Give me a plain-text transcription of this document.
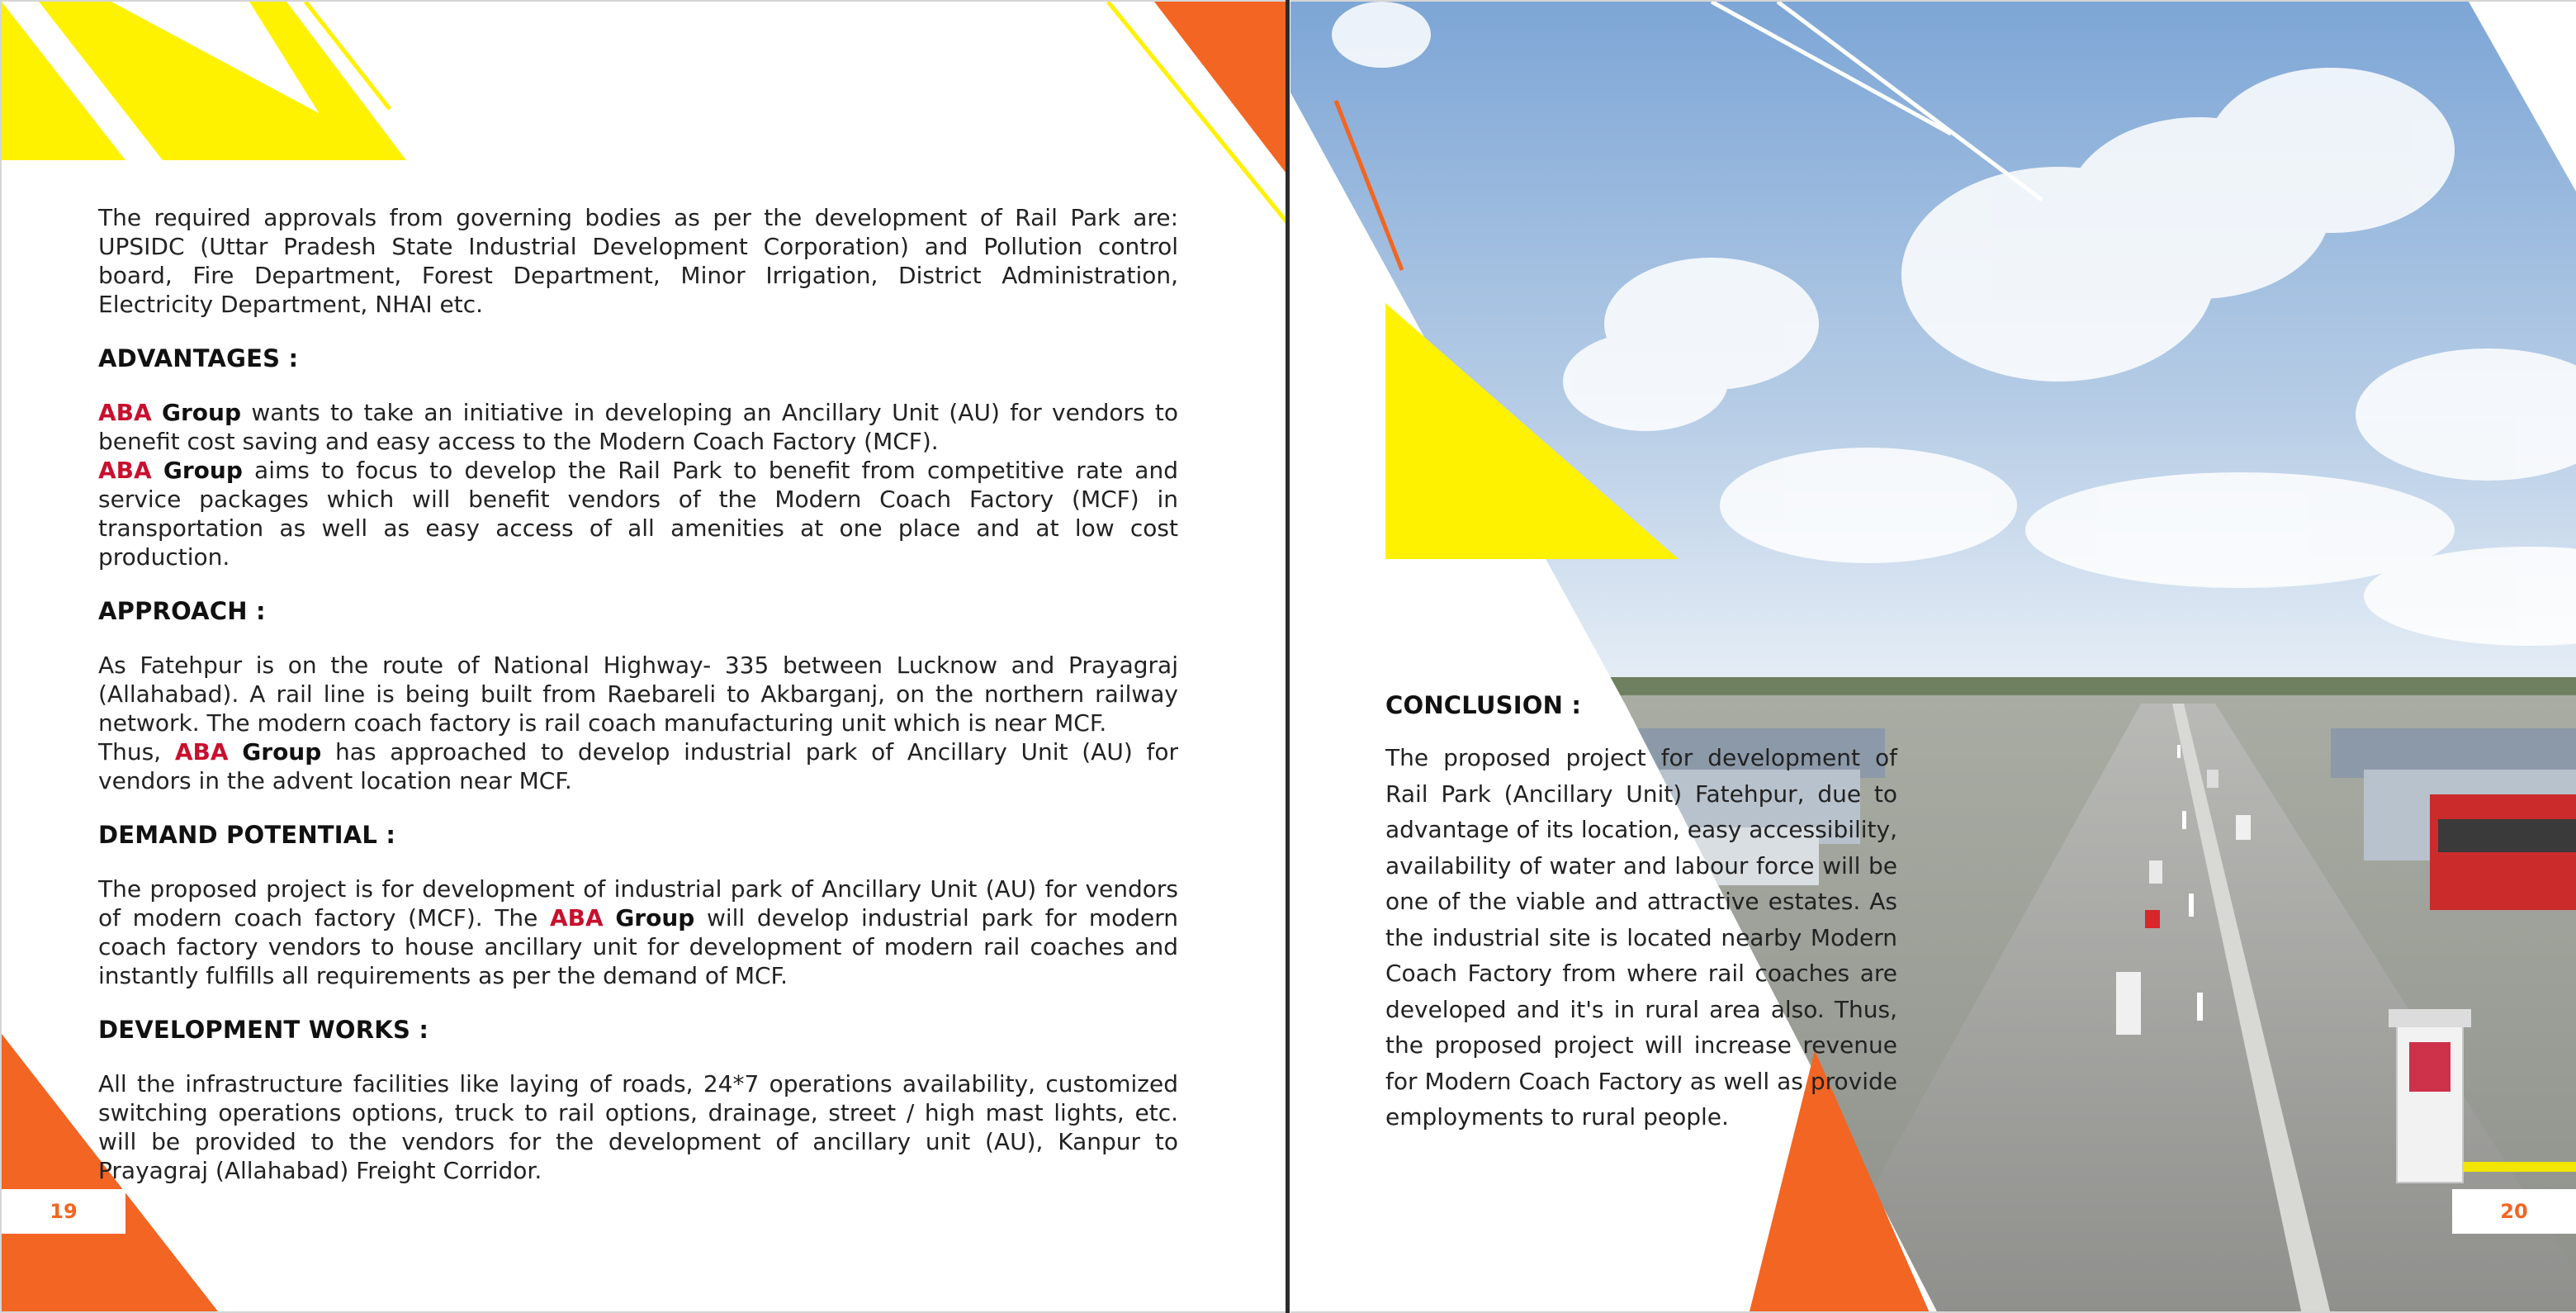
The required approvals from governing bodies as per the development of Rail Park are: UPSIDC (Uttar Pradesh State Industrial Development Corporation) and Pollution control board, Fire Department, Forest Department, Minor Irrigation, District Administration, Electricity Department, NHAI etc.

ADVANTAGES :

ABA Group wants to take an initiative in developing an Ancillary Unit (AU) for vendors to benefit cost saving and easy access to the Modern Coach Factory (MCF).

ABA Group aims to focus to develop the Rail Park to benefit from competitive rate and service packages which will benefit vendors of the Modern Coach Factory (MCF) in transportation as well as easy access of all amenities at one place and at low cost production.

APPROACH :

As Fatehpur is on the route of National Highway- 335 between Lucknow and Prayagraj (Allahabad). A rail line is being built from Raebareli to Akbarganj, on the northern railway network. The modern coach factory is rail coach manufacturing unit which is near MCF.

Thus, ABA Group has approached to develop industrial park of Ancillary Unit (AU) for vendors in the advent location near MCF.

DEMAND POTENTIAL :

The proposed project is for development of industrial park of Ancillary Unit (AU) for vendors of modern coach factory (MCF). The ABA Group will develop industrial park for modern coach factory vendors to house ancillary unit for development of modern rail coaches and instantly fulfills all requirements as per the demand of MCF.

DEVELOPMENT WORKS :

All the infrastructure facilities like laying of roads, 24*7 operations availability, customized switching operations options, truck to rail options, drainage, street / high mast lights, etc. will be provided to the vendors for the development of ancillary unit (AU), Kanpur to Prayagraj (Allahabad) Freight Corridor.

19
CONCLUSION :

The proposed project for development of Rail Park (Ancillary Unit) Fatehpur, due to advantage of its location, easy accessibility, availability of water and labour force will be one of the viable and attractive estates. As the industrial site is located nearby Modern Coach Factory from where rail coaches are developed and it's in rural area also. Thus, the proposed project will increase revenue for Modern Coach Factory as well as provide employments to rural people.

20
